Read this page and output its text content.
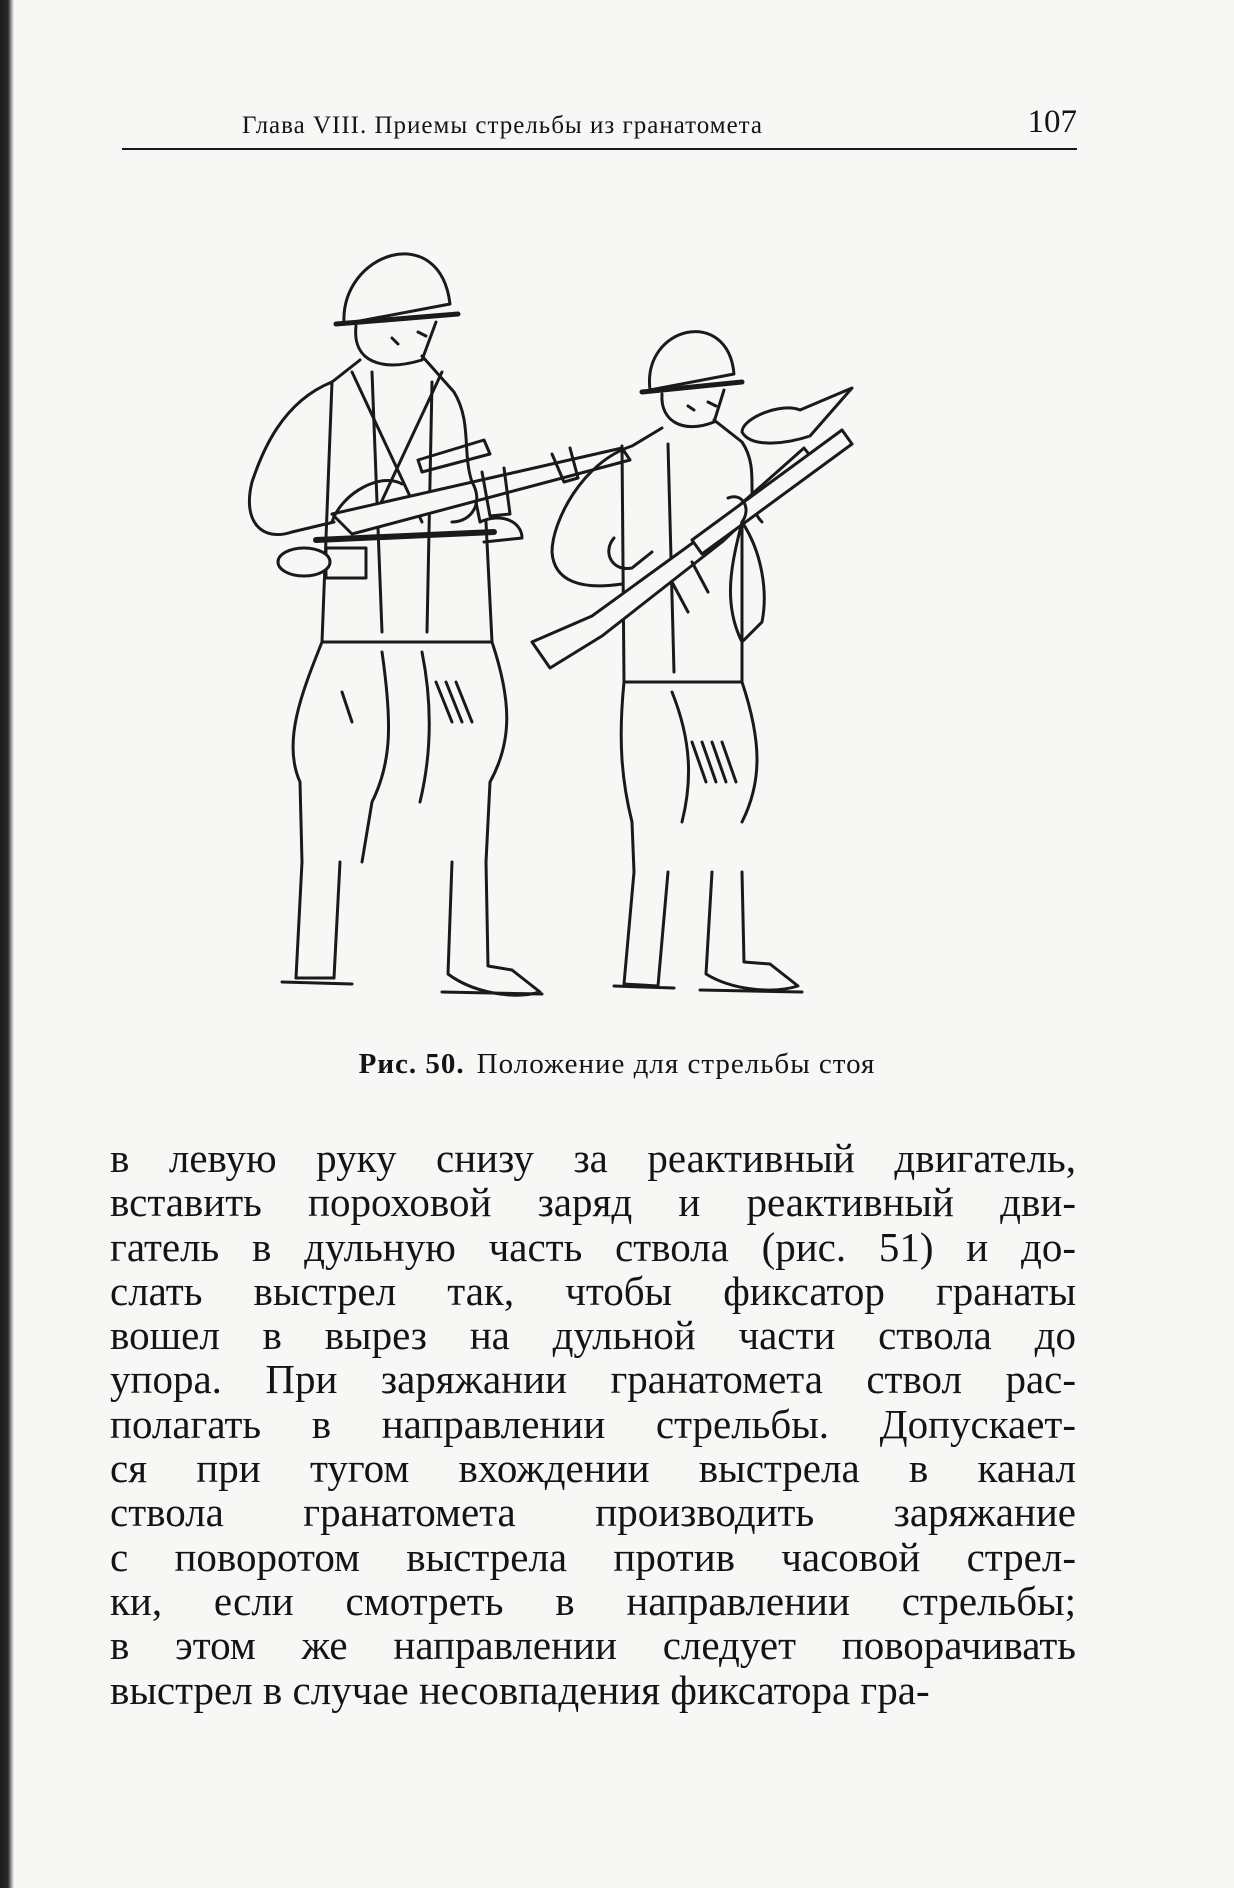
Глава VIII. Приемы стрельбы из гранатомета	107
Рис. 50. Положение для стрельбы стоя
в левую руку снизу за реактивный двигатель,
вставить пороховой заряд и реактивный дви-
гатель в дульную часть ствола (рис. 51) и до-
слать выстрел так, чтобы фиксатор гранаты
вошел в вырез на дульной части ствола до
упора. При заряжании гранатомета ствол рас-
полагать в направлении стрельбы. Допускает-
ся при тугом вхождении выстрела в канал
ствола гранатомета производить заряжание
с поворотом выстрела против часовой стрел-
ки, если смотреть в направлении стрельбы;
в этом же направлении следует поворачивать
выстрел в случае несовпадения фиксатора гра-
